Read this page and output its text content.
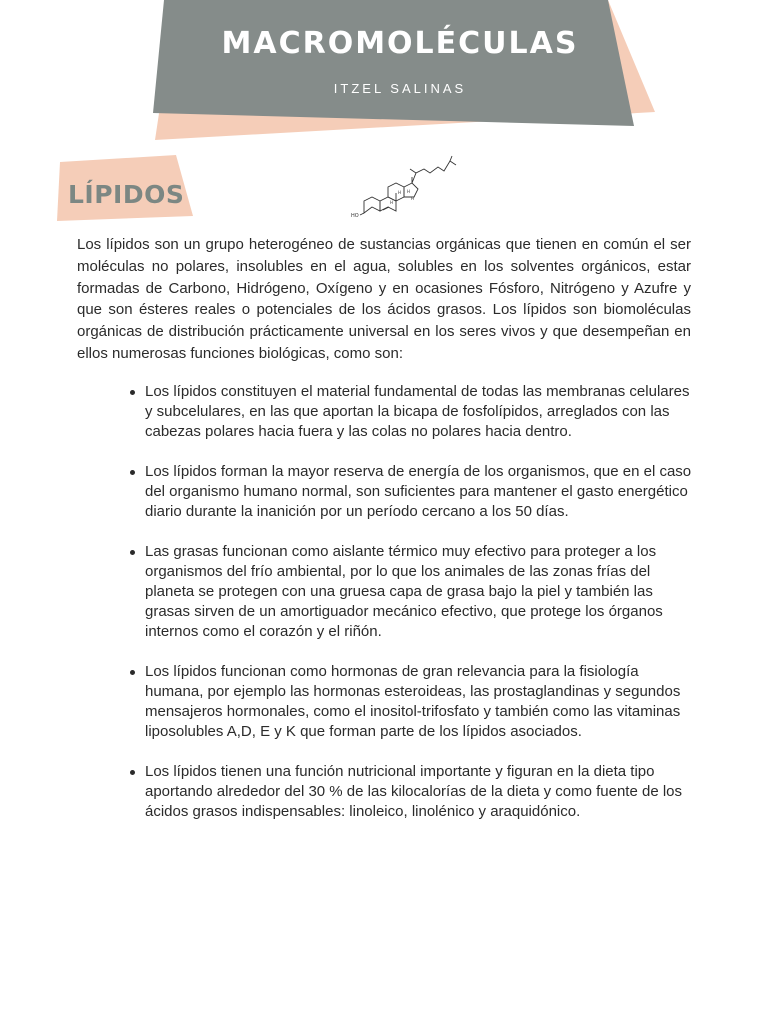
MACROMOLÉCULAS
ITZEL SALINAS
LÍPIDOS	H
H
H
H
HO

Los lípidos son un grupo heterogéneo de sustancias orgánicas que tienen en común el ser moléculas no polares, insolubles en el agua, solubles en los solventes orgánicos, estar formadas de Carbono, Hidrógeno, Oxígeno y en ocasiones Fósforo, Nitrógeno y Azufre y que son ésteres reales o potenciales de los ácidos grasos. Los lípidos son biomoléculas orgánicas de distribución prácticamente universal en los seres vivos y que desempeñan en ellos numerosas funciones biológicas, como son:

Los lípidos constituyen el material fundamental de todas las membranas celulares y subcelulares, en las que aportan la bicapa de fosfolípidos, arreglados con las cabezas polares hacia fuera y las colas no polares hacia dentro.
Los lípidos forman la mayor reserva de energía de los organismos, que en el caso del organismo humano normal, son suficientes para mantener el gasto energético diario durante la inanición por un período cercano a los 50 días.
Las grasas funcionan como aislante térmico muy efectivo para proteger a los organismos del frío ambiental, por lo que los animales de las zonas frías del planeta se protegen con una gruesa capa de grasa bajo la piel y también las grasas sirven de un amortiguador mecánico efectivo, que protege los órganos internos como el corazón y el riñón.
Los lípidos funcionan como hormonas de gran relevancia para la fisiología humana, por ejemplo las hormonas esteroideas, las prostaglandinas y segundos mensajeros hormonales, como el inositol-trifosfato y también como las vitaminas liposolubles A,D, E y K que forman parte de los lípidos asociados.
Los lípidos tienen una función nutricional importante y figuran en la dieta tipo aportando alrededor del 30 % de las kilocalorías de la dieta y como fuente de los ácidos grasos indispensables: linoleico, linolénico y araquidónico.
